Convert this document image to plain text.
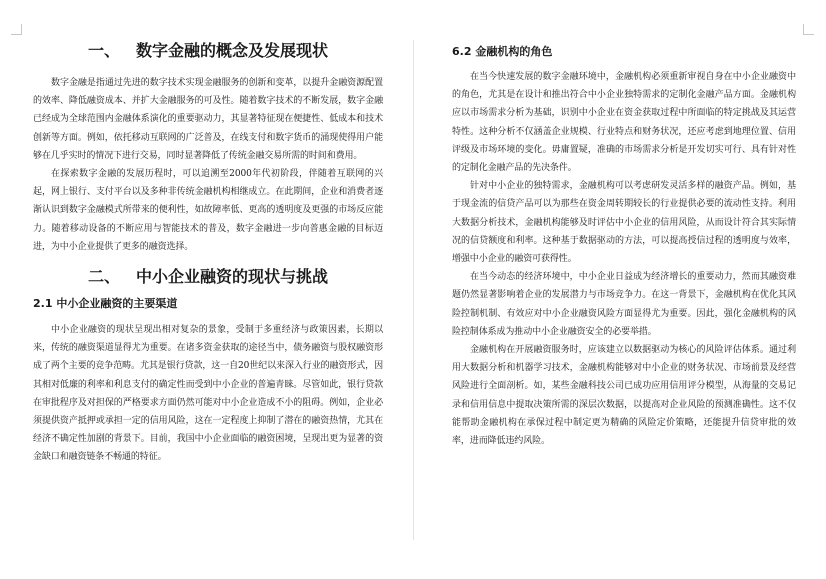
一、 数字金融的概念及发展现状

数字金融是指通过先进的数字技术实现金融服务的创新和变革，以提升金融资源配置的效率、降低融资成本、并扩大金融服务的可及性。随着数字技术的不断发展，数字金融已经成为全球范围内金融体系演化的重要驱动力，其显著特征现在便捷性、低成本和技术创新等方面。例如，依托移动互联网的广泛普及，在线支付和数字货币的涌现使得用户能够在几乎实时的情况下进行交易，同时显著降低了传统金融交易所需的时间和费用。

在探索数字金融的发展历程时，可以追溯至2000年代初阶段，伴随着互联网的兴起，网上银行、支付平台以及多种非传统金融机构相继成立。在此期间，企业和消费者逐渐认识到数字金融模式所带来的便利性，如故障率低、更高的透明度及更强的市场反应能力。随着移动设备的不断应用与智能技术的普及，数字金融进一步向普惠金融的目标迈进，为中小企业提供了更多的融资选择。

二、 中小企业融资的现状与挑战
2.1 中小企业融资的主要渠道

中小企业融资的现状呈现出相对复杂的景象，受制于多重经济与政策因素，长期以来，传统的融资渠道显得尤为重要。在诸多资金获取的途径当中，债务融资与股权融资形成了两个主要的竞争范畴。尤其是银行贷款，这一自20世纪以来深入行业的融资形式，因其相对低廉的利率和利息支付的确定性而受到中小企业的普遍青睐。尽管如此，银行贷款在审批程序及对担保的严格要求方面仍然可能对中小企业造成不小的阻碍。例如，企业必须提供资产抵押或承担一定的信用风险，这在一定程度上抑制了潜在的融资热情，尤其在经济不确定性加剧的背景下。目前，我国中小企业面临的融资困境，呈现出更为显著的资金缺口和融资链条不畅通的特征。

6.2 金融机构的角色

在当今快速发展的数字金融环境中，金融机构必须重新审视自身在中小企业融资中的角色，尤其是在设计和推出符合中小企业独特需求的定制化金融产品方面。金融机构应以市场需求分析为基础，识别中小企业在资金获取过程中所面临的特定挑战及其运营特性。这种分析不仅涵盖企业规模、行业特点和财务状况，还应考虑到地理位置、信用评级及市场环境的变化。毋庸置疑，准确的市场需求分析是开发切实可行、具有针对性的定制化金融产品的先决条件。

针对中小企业的独特需求，金融机构可以考虑研发灵活多样的融资产品。例如，基于现金流的信贷产品可以为那些在资金周转期较长的行业提供必要的流动性支持。利用大数据分析技术，金融机构能够及时评估中小企业的信用风险，从而设计符合其实际情况的信贷额度和利率。这种基于数据驱动的方法，可以提高授信过程的透明度与效率，增强中小企业的融资可获得性。

在当今动态的经济环境中，中小企业日益成为经济增长的重要动力，然而其融资难题仍然显著影响着企业的发展潜力与市场竞争力。在这一背景下，金融机构在优化其风险控制机制、有效应对中小企业融资风险方面显得尤为重要。因此，强化金融机构的风险控制体系成为推动中小企业融资安全的必要举措。

金融机构在开展融资服务时，应该建立以数据驱动为核心的风险评估体系。通过利用大数据分析和机器学习技术，金融机构能够对中小企业的财务状况、市场前景及经营风险进行全面剖析。如，某些金融科技公司已成功应用信用评分模型，从海量的交易记录和信用信息中提取决策所需的深层次数据，以提高对企业风险的预测准确性。这不仅能帮助金融机构在承保过程中制定更为精确的风险定价策略，还能提升信贷审批的效率，进而降低违约风险。
